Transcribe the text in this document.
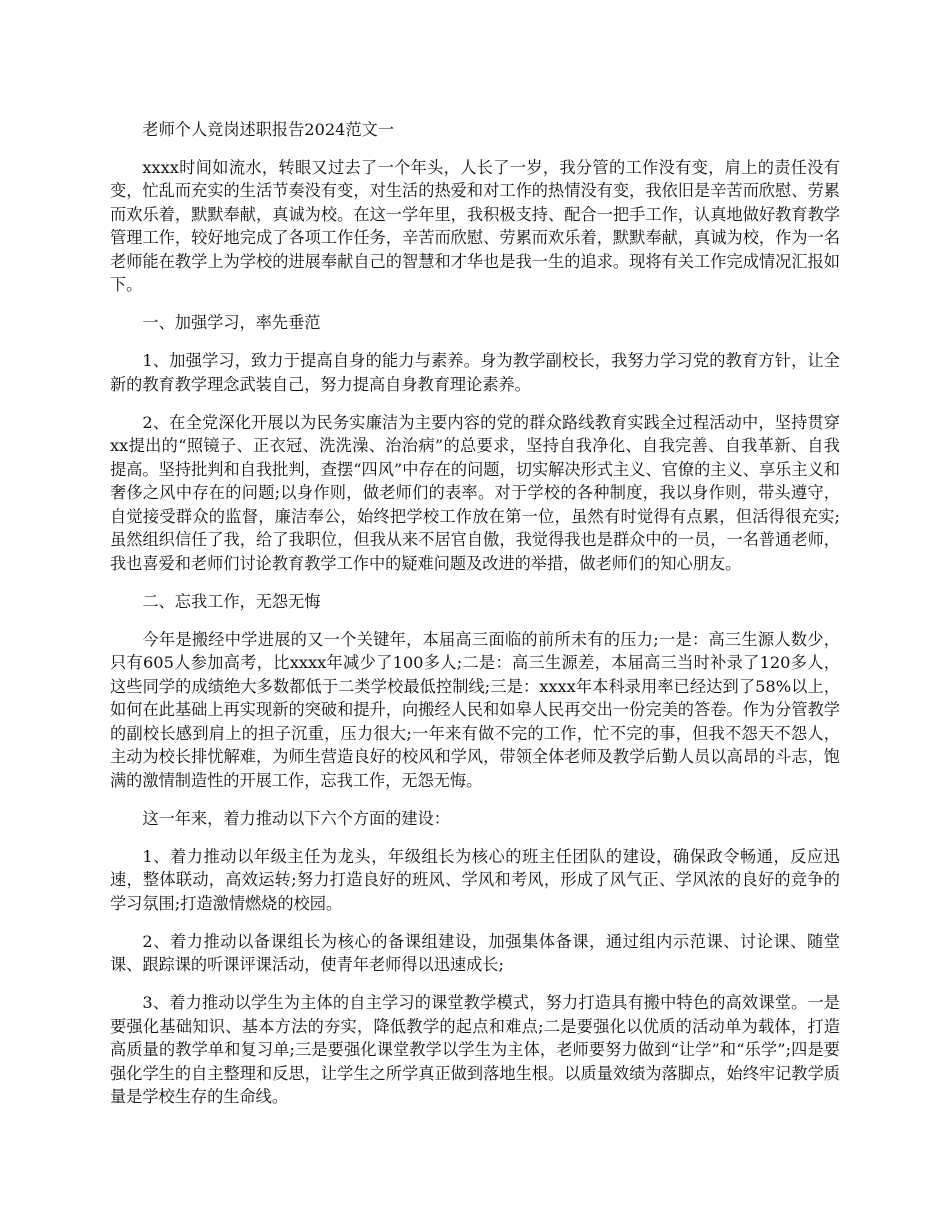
老师个人竞岗述职报告2024范文一

xxxx时间如流水，转眼又过去了一个年头，人长了一岁，我分管的工作没有变，肩上的责任没有变，忙乱而充实的生活节奏没有变，对生活的热爱和对工作的热情没有变，我依旧是辛苦而欣慰、劳累而欢乐着，默默奉献，真诚为校。在这一学年里，我积极支持、配合一把手工作，认真地做好教育教学管理工作，较好地完成了各项工作任务，辛苦而欣慰、劳累而欢乐着，默默奉献，真诚为校，作为一名老师能在教学上为学校的进展奉献自己的智慧和才华也是我一生的追求。现将有关工作完成情况汇报如下。

一、加强学习，率先垂范

1、加强学习，致力于提高自身的能力与素养。身为教学副校长，我努力学习党的教育方针，让全新的教育教学理念武装自己，努力提高自身教育理论素养。

2、在全党深化开展以为民务实廉洁为主要内容的党的群众路线教育实践全过程活动中，坚持贯穿xx提出的“照镜子、正衣冠、洗洗澡、治治病”的总要求，坚持自我净化、自我完善、自我革新、自我提高。坚持批判和自我批判，查摆“四风”中存在的问题，切实解决形式主义、官僚的主义、享乐主义和奢侈之风中存在的问题;以身作则，做老师们的表率。对于学校的各种制度，我以身作则，带头遵守，自觉接受群众的监督，廉洁奉公，始终把学校工作放在第一位，虽然有时觉得有点累，但活得很充实;虽然组织信任了我，给了我职位，但我从来不居官自傲，我觉得我也是群众中的一员，一名普通老师，我也喜爱和老师们讨论教育教学工作中的疑难问题及改进的举措，做老师们的知心朋友。

二、忘我工作，无怨无悔

今年是搬经中学进展的又一个关键年，本届高三面临的前所未有的压力;一是：高三生源人数少，只有605人参加高考，比xxxx年减少了100多人;二是：高三生源差，本届高三当时补录了120多人，这些同学的成绩绝大多数都低于二类学校最低控制线;三是：xxxx年本科录用率已经达到了58%以上，如何在此基础上再实现新的突破和提升，向搬经人民和如皋人民再交出一份完美的答卷。作为分管教学的副校长感到肩上的担子沉重，压力很大;一年来有做不完的工作，忙不完的事，但我不怨天不怨人，主动为校长排忧解难，为师生营造良好的校风和学风，带领全体老师及教学后勤人员以高昂的斗志，饱满的激情制造性的开展工作，忘我工作，无怨无悔。

这一年来，着力推动以下六个方面的建设：

1、着力推动以年级主任为龙头，年级组长为核心的班主任团队的建设，确保政令畅通，反应迅速，整体联动，高效运转;努力打造良好的班风、学风和考风，形成了风气正、学风浓的良好的竞争的学习氛围;打造激情燃烧的校园。

2、着力推动以备课组长为核心的备课组建设，加强集体备课，通过组内示范课、讨论课、随堂课、跟踪课的听课评课活动，使青年老师得以迅速成长;

3、着力推动以学生为主体的自主学习的课堂教学模式，努力打造具有搬中特色的高效课堂。一是要强化基础知识、基本方法的夯实，降低教学的起点和难点;二是要强化以优质的活动单为载体，打造高质量的教学单和复习单;三是要强化课堂教学以学生为主体，老师要努力做到“让学”和“乐学”;四是要强化学生的自主整理和反思，让学生之所学真正做到落地生根。以质量效绩为落脚点，始终牢记教学质量是学校生存的生命线。
